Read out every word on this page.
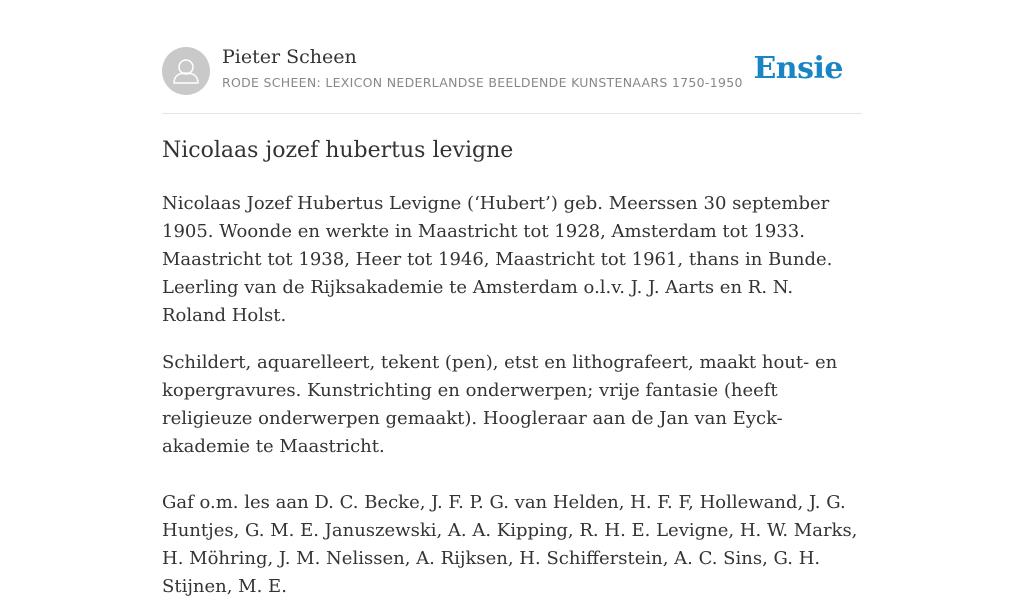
Pieter Scheen
RODE SCHEEN: LEXICON NEDERLANDSE BEELDENDE KUNSTENAARS 1750-1950 Ensie
Nicolaas jozef hubertus levigne

Nicolaas Jozef Hubertus Levigne (‘Hubert’) geb. Meerssen 30 september 1905. Woonde en werkte in Maastricht tot 1928, Amsterdam tot 1933. Maastricht tot 1938, Heer tot 1946, Maastricht tot 1961, thans in Bunde. Leerling van de Rijksakademie te Amsterdam o.l.v. J. J. Aarts en R. N. Roland Holst.

Schildert, aquarelleert, tekent (pen), etst en lithografeert, maakt hout- en kopergravures. Kunstrichting en onderwerpen; vrije fantasie (heeft religieuze onderwerpen gemaakt). Hoogleraar aan de Jan van Eyck-akademie te Maastricht.

Gaf o.m. les aan D. C. Becke, J. F. P. G. van Helden, H. F. F, Hollewand, J. G. Huntjes, G. M. E. Januszewski, A. A. Kipping, R. H. E. Levigne, H. W. Marks, H. Möhring, J. M. Nelissen, A. Rijksen, H. Schifferstein, A. C. Sins, G. H. Stijnen, M. E.
